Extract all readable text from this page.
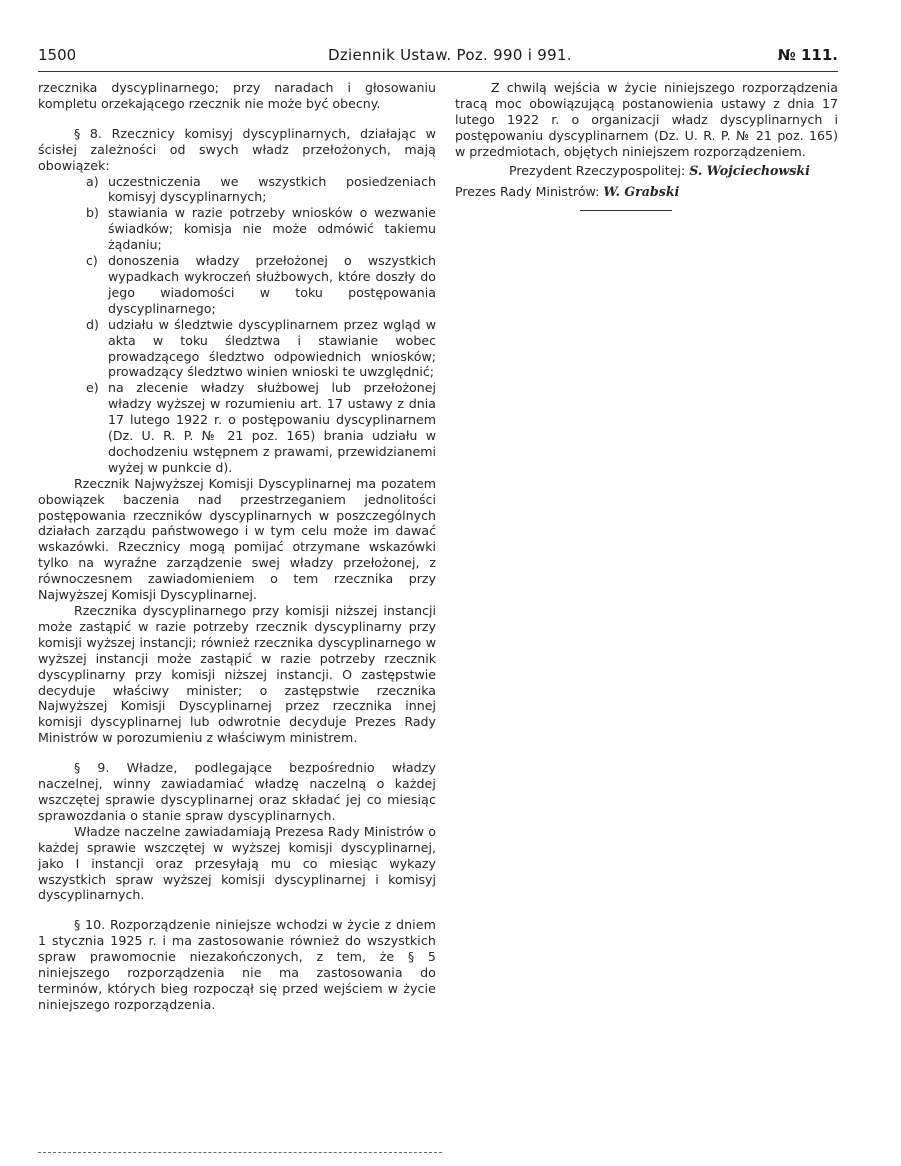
1500	Dziennik Ustaw. Poz. 990 i 991.	№ 111.

rzecznika dyscyplinarnego; przy naradach i głosowaniu kompletu orzekającego rzecznik nie może być obecny.

§ 8. Rzecznicy komisyj dyscyplinarnych, działając w ścisłej zależności od swych władz przełożonych, mają obowiązek:

a) uczestniczenia we wszystkich posiedzeniach komisyj dyscyplinarnych;
b) stawiania w razie potrzeby wniosków o wezwanie świadków; komisja nie może odmówić takiemu żądaniu;
c) donoszenia władzy przełożonej o wszystkich wypadkach wykroczeń służbowych, które doszły do jego wiadomości w toku postępowania dyscyplinarnego;
d) udziału w śledztwie dyscyplinarnem przez wgląd w akta w toku śledztwa i stawianie wobec prowadzącego śledztwo odpowiednich wniosków; prowadzący śledztwo winien wnioski te uwzględnić;
e) na zlecenie władzy służbowej lub przełożonej władzy wyższej w rozumieniu art. 17 ustawy z dnia 17 lutego 1922 r. o postępowaniu dyscyplinarnem (Dz. U. R. P. № 21 poz. 165) brania udziału w dochodzeniu wstępnem z prawami, przewidzianemi wyżej w punkcie d).

Rzecznik Najwyższej Komisji Dyscyplinarnej ma pozatem obowiązek baczenia nad przestrzeganiem jednolitości postępowania rzeczników dyscyplinarnych w poszczególnych działach zarządu państwowego i w tym celu może im dawać wskazówki. Rzecznicy mogą pomijać otrzymane wskazówki tylko na wyraźne zarządzenie swej władzy przełożonej, z równoczesnem zawiadomieniem o tem rzecznika przy Najwyższej Komisji Dyscyplinarnej.

Rzecznika dyscyplinarnego przy komisji niższej instancji może zastąpić w razie potrzeby rzecznik dyscyplinarny przy komisji wyższej instancji; również rzecznika dyscyplinarnego w wyższej instancji może zastąpić w razie potrzeby rzecznik dyscyplinarny przy komisji niższej instancji. O zastępstwie decyduje właściwy minister; o zastępstwie rzecznika Najwyższej Komisji Dyscyplinarnej przez rzecznika innej komisji dyscyplinarnej lub odwrotnie decyduje Prezes Rady Ministrów w porozumieniu z właściwym ministrem.

§ 9. Władze, podlegające bezpośrednio władzy naczelnej, winny zawiadamiać władzę naczelną o każdej wszczętej sprawie dyscyplinarnej oraz składać jej co miesiąc sprawozdania o stanie spraw dyscyplinarnych.

Władze naczelne zawiadamiają Prezesa Rady Ministrów o każdej sprawie wszczętej w wyższej komisji dyscyplinarnej, jako I instancji oraz przesyłają mu co miesiąc wykazy wszystkich spraw wyższej komisji dyscyplinarnej i komisyj dyscyplinarnych.

§ 10. Rozporządzenie niniejsze wchodzi w życie z dniem 1 stycznia 1925 r. i ma zastosowanie również do wszystkich spraw prawomocnie niezakończonych, z tem, że § 5 niniejszego rozporządzenia nie ma zastosowania do terminów, których bieg rozpoczął się przed wejściem w życie niniejszego rozporządzenia.

Z chwilą wejścia w życie niniejszego rozporządzenia tracą moc obowiązującą postanowienia ustawy z dnia 17 lutego 1922 r. o organizacji władz dyscyplinarnych i postępowaniu dyscyplinarnem (Dz. U. R. P. № 21 poz. 165) w przedmiotach, objętych niniejszem rozporządzeniem.

Prezydent Rzeczypospolitej: S. Wojciechowski
Prezes Rady Ministrów: W. Grabski
